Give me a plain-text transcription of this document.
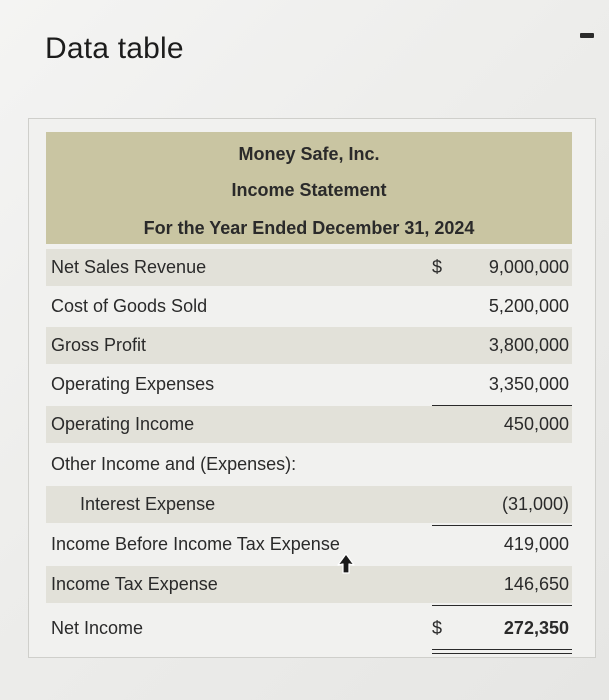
Data table
Money Safe, Inc.
Income Statement
For the Year Ended December 31, 2024
Net Sales Revenue	$	9,000,000
Cost of Goods Sold	5,200,000
Gross Profit	3,800,000
Operating Expenses	3,350,000
Operating Income	450,000
Other Income and (Expenses):
Interest Expense	(31,000)
Income Before Income Tax Expense	419,000
Income Tax Expense	146,650
Net Income	$	272,350
